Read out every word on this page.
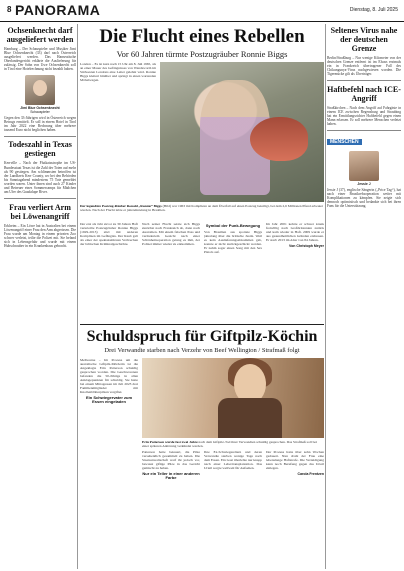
8 PANORAMA	Dienstag, 8. Juli 2025
Ochsenknecht darf ausgeliefert werden
Hamburg – Der Schauspieler und Musiker Jimi Blue Ochsenknecht (33) darf nach Österreich ausgeliefert werden. Das Hanseatische Oberlandesgericht erklärte die Auslieferung für zulässig. Der Sohn von Uwe Ochsenknecht soll in Tirol eine Hotelrechnung nicht bezahlt haben.
Jimi Blue Ochsenknecht
Schauspieler
Gegen den 33-Jährigen wird in Österreich wegen Betrugs ermittelt. Er soll in einem Hotel in Tirol im Jahr 2022 eine Rechnung über mehrere tausend Euro nicht beglichen haben.
Todeszahl in Texas gestiegen
Kerrville – Nach der Flutkatastrophe im US-Bundesstaat Texas ist die Zahl der Toten auf mehr als 90 gestiegen. Am schlimmsten betroffen ist der Landkreis Kerr County, wo bei den Behörden bis Sonntagabend mindestens 75 Tote gemeldet worden waren. Unter ihnen sind auch 27 Kinder und Betreuer eines Sommercamps für Mädchen am Ufer des Guadalupe River.
Frau verliert Arm bei Löwenangriff
Erkheim – Ein Löwe hat in Australien bei einem Löwenangriff einer Frau den Arm abgerissen. Die Frau wurde am Montag in einem privaten Zoo schwer verletzt, teilte die Polizei mit. Sie befand sich in Lebensgefahr und wurde mit einem Hubschrauber in ein Krankenhaus gebracht.
Die Flucht eines Rebellen
Vor 60 Jahren türmte Postzugräuber Ronnie Biggs
London – Es ist kurz nach 15 Uhr am 8. Juli 1965, als an einer Mauer des Gefängnisses von Wandsworth im Südwesten Londons eine Leiter gelehnt wird. Ronnie Biggs klettert hinüber und springt in einen wartenden Möbelwagen.
Der legendäre Postzug-Räuber Ronald „Ronnie“ Biggs (Bild) war 1963 mit Komplizen an dem Überfall auf einen Postzug beteiligt, bei dem 2,6 Millionen Pfund erbeutet wurden. Nach der Flucht lebte er jahrzehntelang in Brasilien.
Der erst als Jahr zuvor zu 30 Jahren Haft verurteilte Postzugräuber Ronnie Biggs (1929-2013) sitzt mit anderen Komplizen im Gefängnis. Der Raub galt als einer der spektakulärsten Verbrechen der britischen Kriminalgeschichte.
Nach seiner Flucht setzte sich Biggs zunächst nach Frankreich ab, dann nach Australien. Mit einem falschen Pass und verändertem Gesicht nach einer Schönheitsoperation gelang es ihm, der Polizei immer wieder zu entkommen.
Symbol der Punk-Bewegung
Von Brasilien aus spottete Biggs jahrelang über die britische Justiz. Weil es kein Auslieferungsabkommen gab, konnte er nicht zurückgeschickt werden. Er nahm sogar einen Song mit den Sex Pistols auf.
Im Jahr 2001 kehrte er schwer krank freiwillig nach Großbritannien zurück und kam wieder in Haft. 2009 wurde er aus gesundheitlichen Gründen entlassen. Er starb 2013 im Alter von 84 Jahren.
Von Christoph Meyer
Schuldspruch für Giftpilz-Köchin
Drei Verwandte starben nach Verzehr von Beef Wellington / Strafmaß folgt
Melbourne – Im Prozess um die australische Giftpilz-Mörderin ist die Angeklagte Erin Patterson schuldig gesprochen worden. Die Geschworenen befanden die 50-Jährige in allen Anklagepunkten für schuldig. Sie hatte bei einem Mittagessen im Juli 2023 drei Familienmitglieder mit Knollenblätterpilzen vergiftet.
Ein Schwiegervater zum Essen eingeladen
Erin Patterson wurde fast zwei Jahre nach dem Giftpilz-Tod ihrer Verwandten schuldig gesprochen. Das Strafmaß soll bei einer späteren Anhörung verkündet werden.
Patterson hatte beteuert, die Pilze versehentlich gesammelt zu haben. Die Staatsanwaltschaft warf ihr jedoch vor, bewusst giftige Pilze in das Gericht gemischt zu haben.
Nur ein Teller in einer anderen Farbe
Ihre Ex-Schwiegereltern und deren Verwandte starben wenige Tage nach dem Essen. Ein Gast überlebte nur knapp nach einer Lebertransplantation. Das Urteil sorgte weltweit für Aufsehen.
Der Prozess hatte über zehn Wochen gedauert. Nun droht der Frau eine lebenslange Haftstrafe. Die Verteidigung kann noch Berufung gegen das Urteil einlegen.
Carola Frentzen
Seltenes Virus nahe der deutschen Grenze
Berlin/Straßburg – Nur wenige Kilometer von der deutschen Grenze entfernt ist im Elsass erstmals ein in Frankreich übertragener Fall des Chikungunya-Virus nachgewiesen worden. Die Tigermücke gilt als Überträger.
Haftbefehl nach ICE-Angriff
Straßkirchen – Nach dem Angriff auf Fahrgäste in einem ICE zwischen Regensburg und Straubing hat ein Ermittlungsrichter Haftbefehl gegen einen Mann erlassen. Er soll mehrere Menschen verletzt haben.
MENSCHEN
Jessie J
Jessie J (37), englische Sängerin („Price Tag“), hat nach einer Brustkrebsoperation weiter mit Komplikationen zu kämpfen. Sie zeigte sich dennoch optimistisch und bedankte sich bei ihren Fans für die Unterstützung.
